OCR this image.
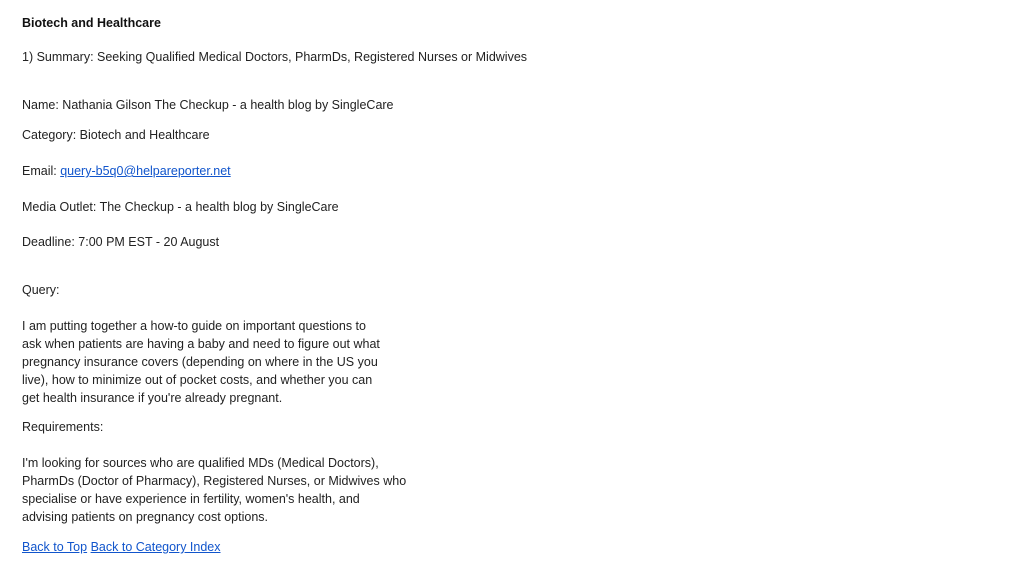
Biotech and Healthcare
1) Summary: Seeking Qualified Medical Doctors, PharmDs, Registered Nurses or Midwives
Name: Nathania Gilson The Checkup - a health blog by SingleCare
Category: Biotech and Healthcare
Email: query-b5q0@helpareporter.net
Media Outlet: The Checkup - a health blog by SingleCare
Deadline: 7:00 PM EST - 20 August
Query:
I am putting together a how-to guide on important questions to
ask when patients are having a baby and need to figure out what
pregnancy insurance covers (depending on where in the US you
live), how to minimize out of pocket costs, and whether you can
get health insurance if you're already pregnant.
Requirements:
I'm looking for sources who are qualified MDs (Medical Doctors),
PharmDs (Doctor of Pharmacy), Registered Nurses, or Midwives who
specialise or have experience in fertility, women's health, and
advising patients on pregnancy cost options.
Back to Top Back to Category Index
